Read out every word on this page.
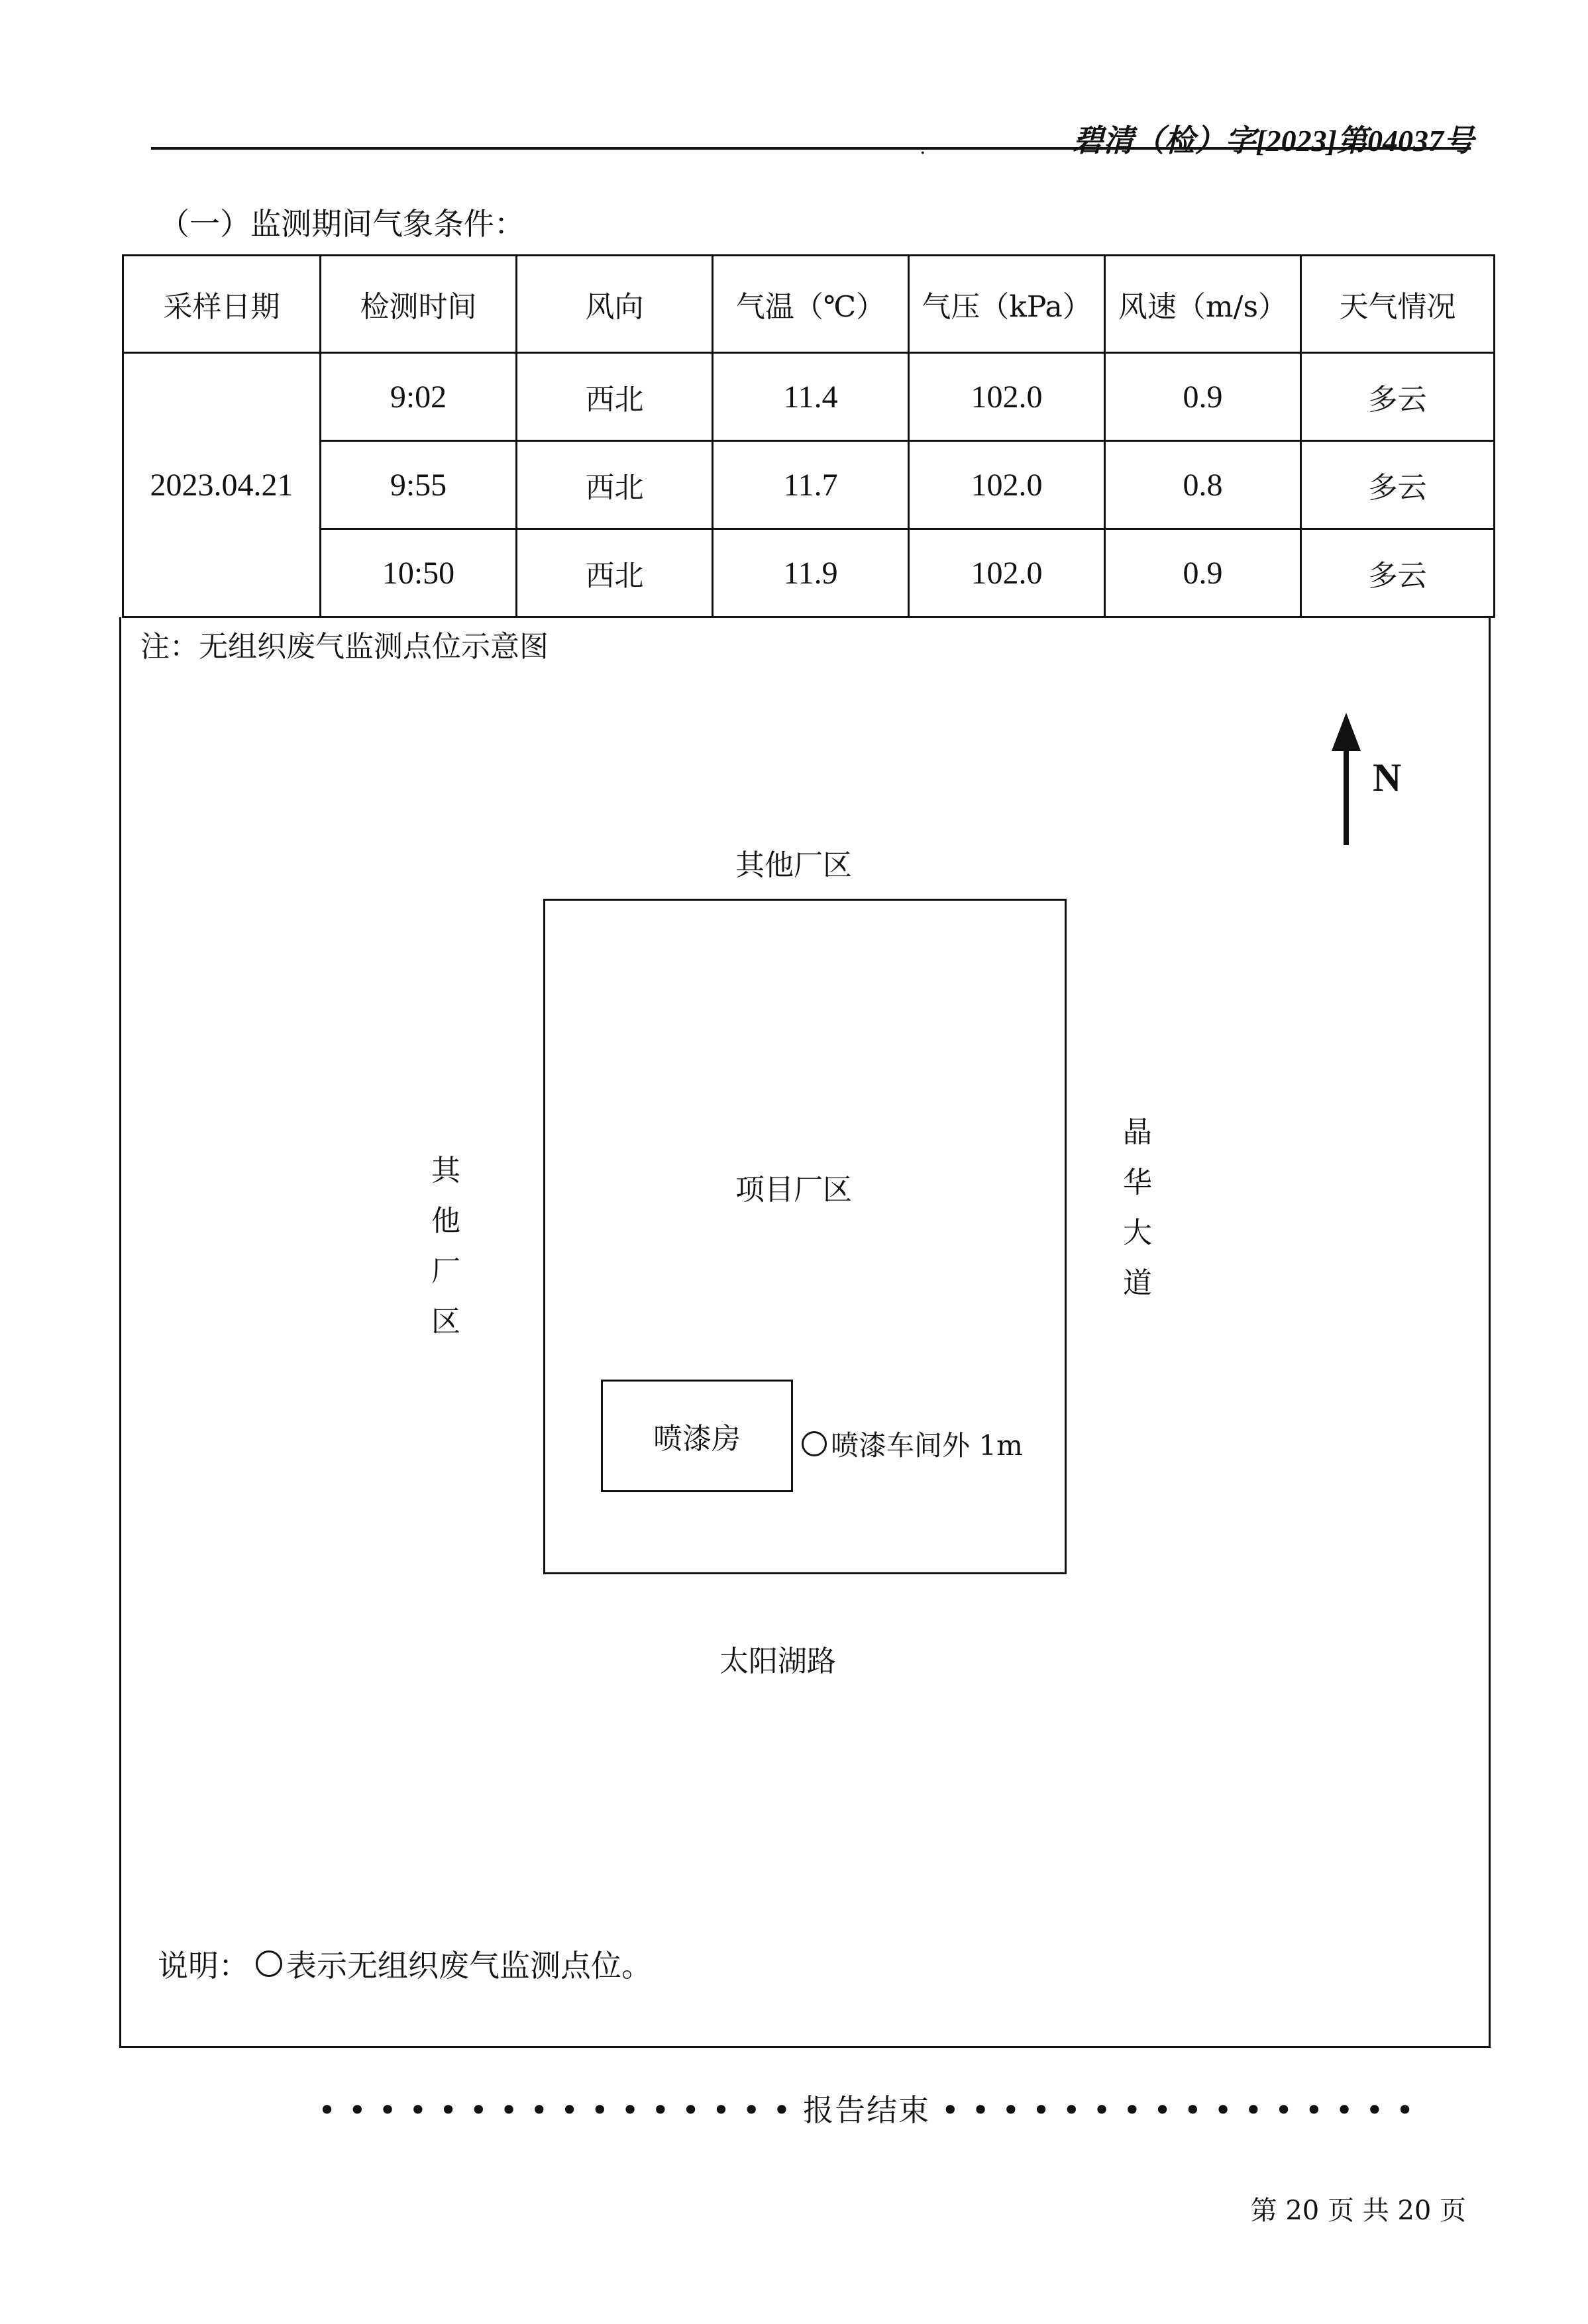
碧清（检）字[2023]第04037号
.
（一）监测期间气象条件：
采样日期	检测时间	风向	气温（℃）	气压（kPa）	风速（m/s）	天气情况
2023.04.21	9:02	西北	11.4	102.0	0.9	多云
	9:55	西北	11.7	102.0	0.8	多云
	10:50	西北	11.9	102.0	0.9	多云
注：无组织废气监测点位示意图
N
其他厂区
其
他
厂
区
晶
华
大
道
太阳湖路
项目厂区
喷漆房	喷漆车间外 1m
说明： 表示无组织废气监测点位。
• • • • • • • • • • • • • • • • 报告结束 • • • • • • • • • • • • • • • •
第 20 页 共 20 页
